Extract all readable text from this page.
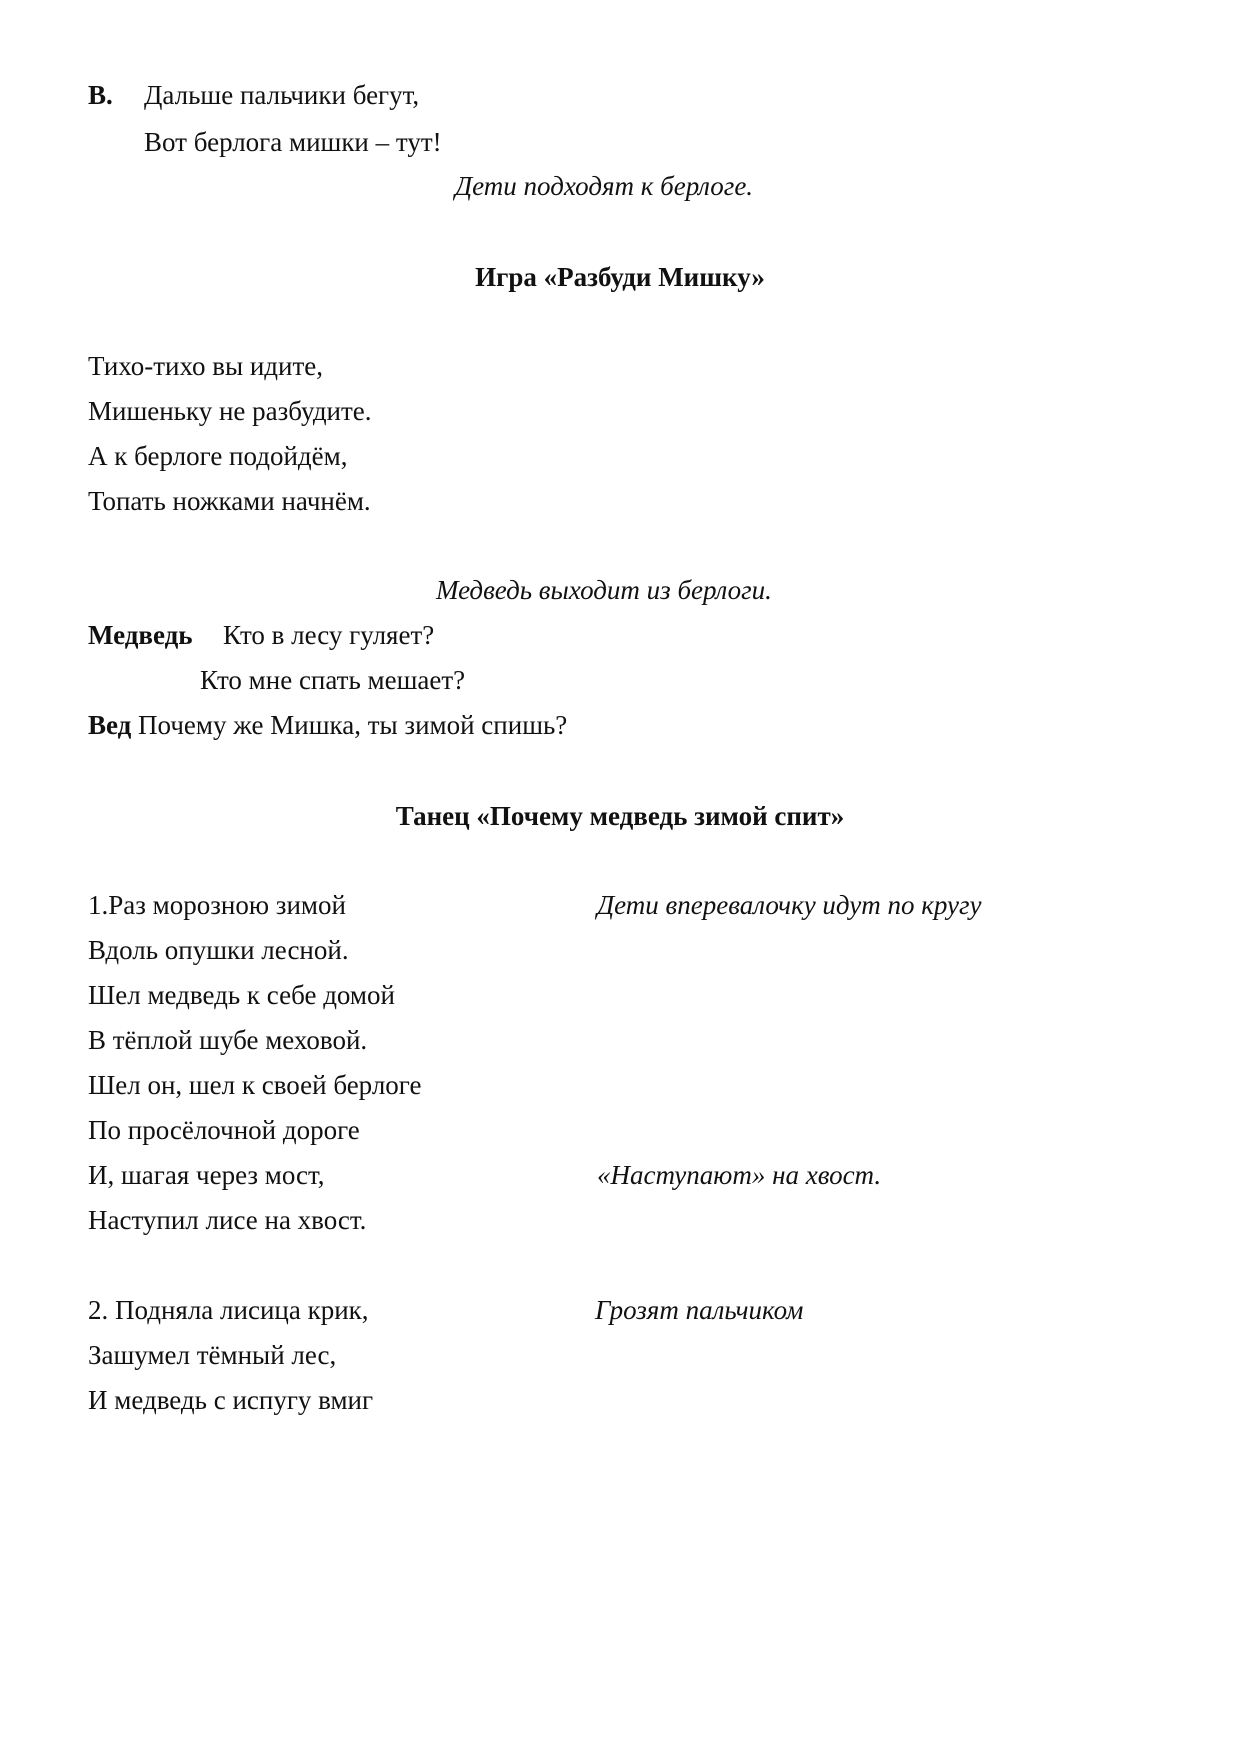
В. Дальше пальчики бегут,
Вот берлога мишки – тут!
Дети подходят к берлоге.
Игра «Разбуди Мишку»
Тихо-тихо вы идите,
Мишеньку не разбудите.
А к берлоге подойдём,
Топать ножками начнём.
Медведь выходит из берлоги.
Медведь Кто в лесу гуляет?
Кто мне спать мешает?
Вед Почему же Мишка, ты зимой спишь?
Танец «Почему медведь зимой спит»
1.Раз морозною зимой	Дети вперевалочку идут по кругу
Вдоль опушки лесной.
Шел медведь к себе домой
В тёплой шубе меховой.
Шел он, шел к своей берлоге
По просёлочной дороге
И, шагая через мост,	«Наступают» на хвост.
Наступил лисе на хвост.
2. Подняла лисица крик,	Грозят пальчиком
Зашумел тёмный лес,
И медведь с испугу вмиг
